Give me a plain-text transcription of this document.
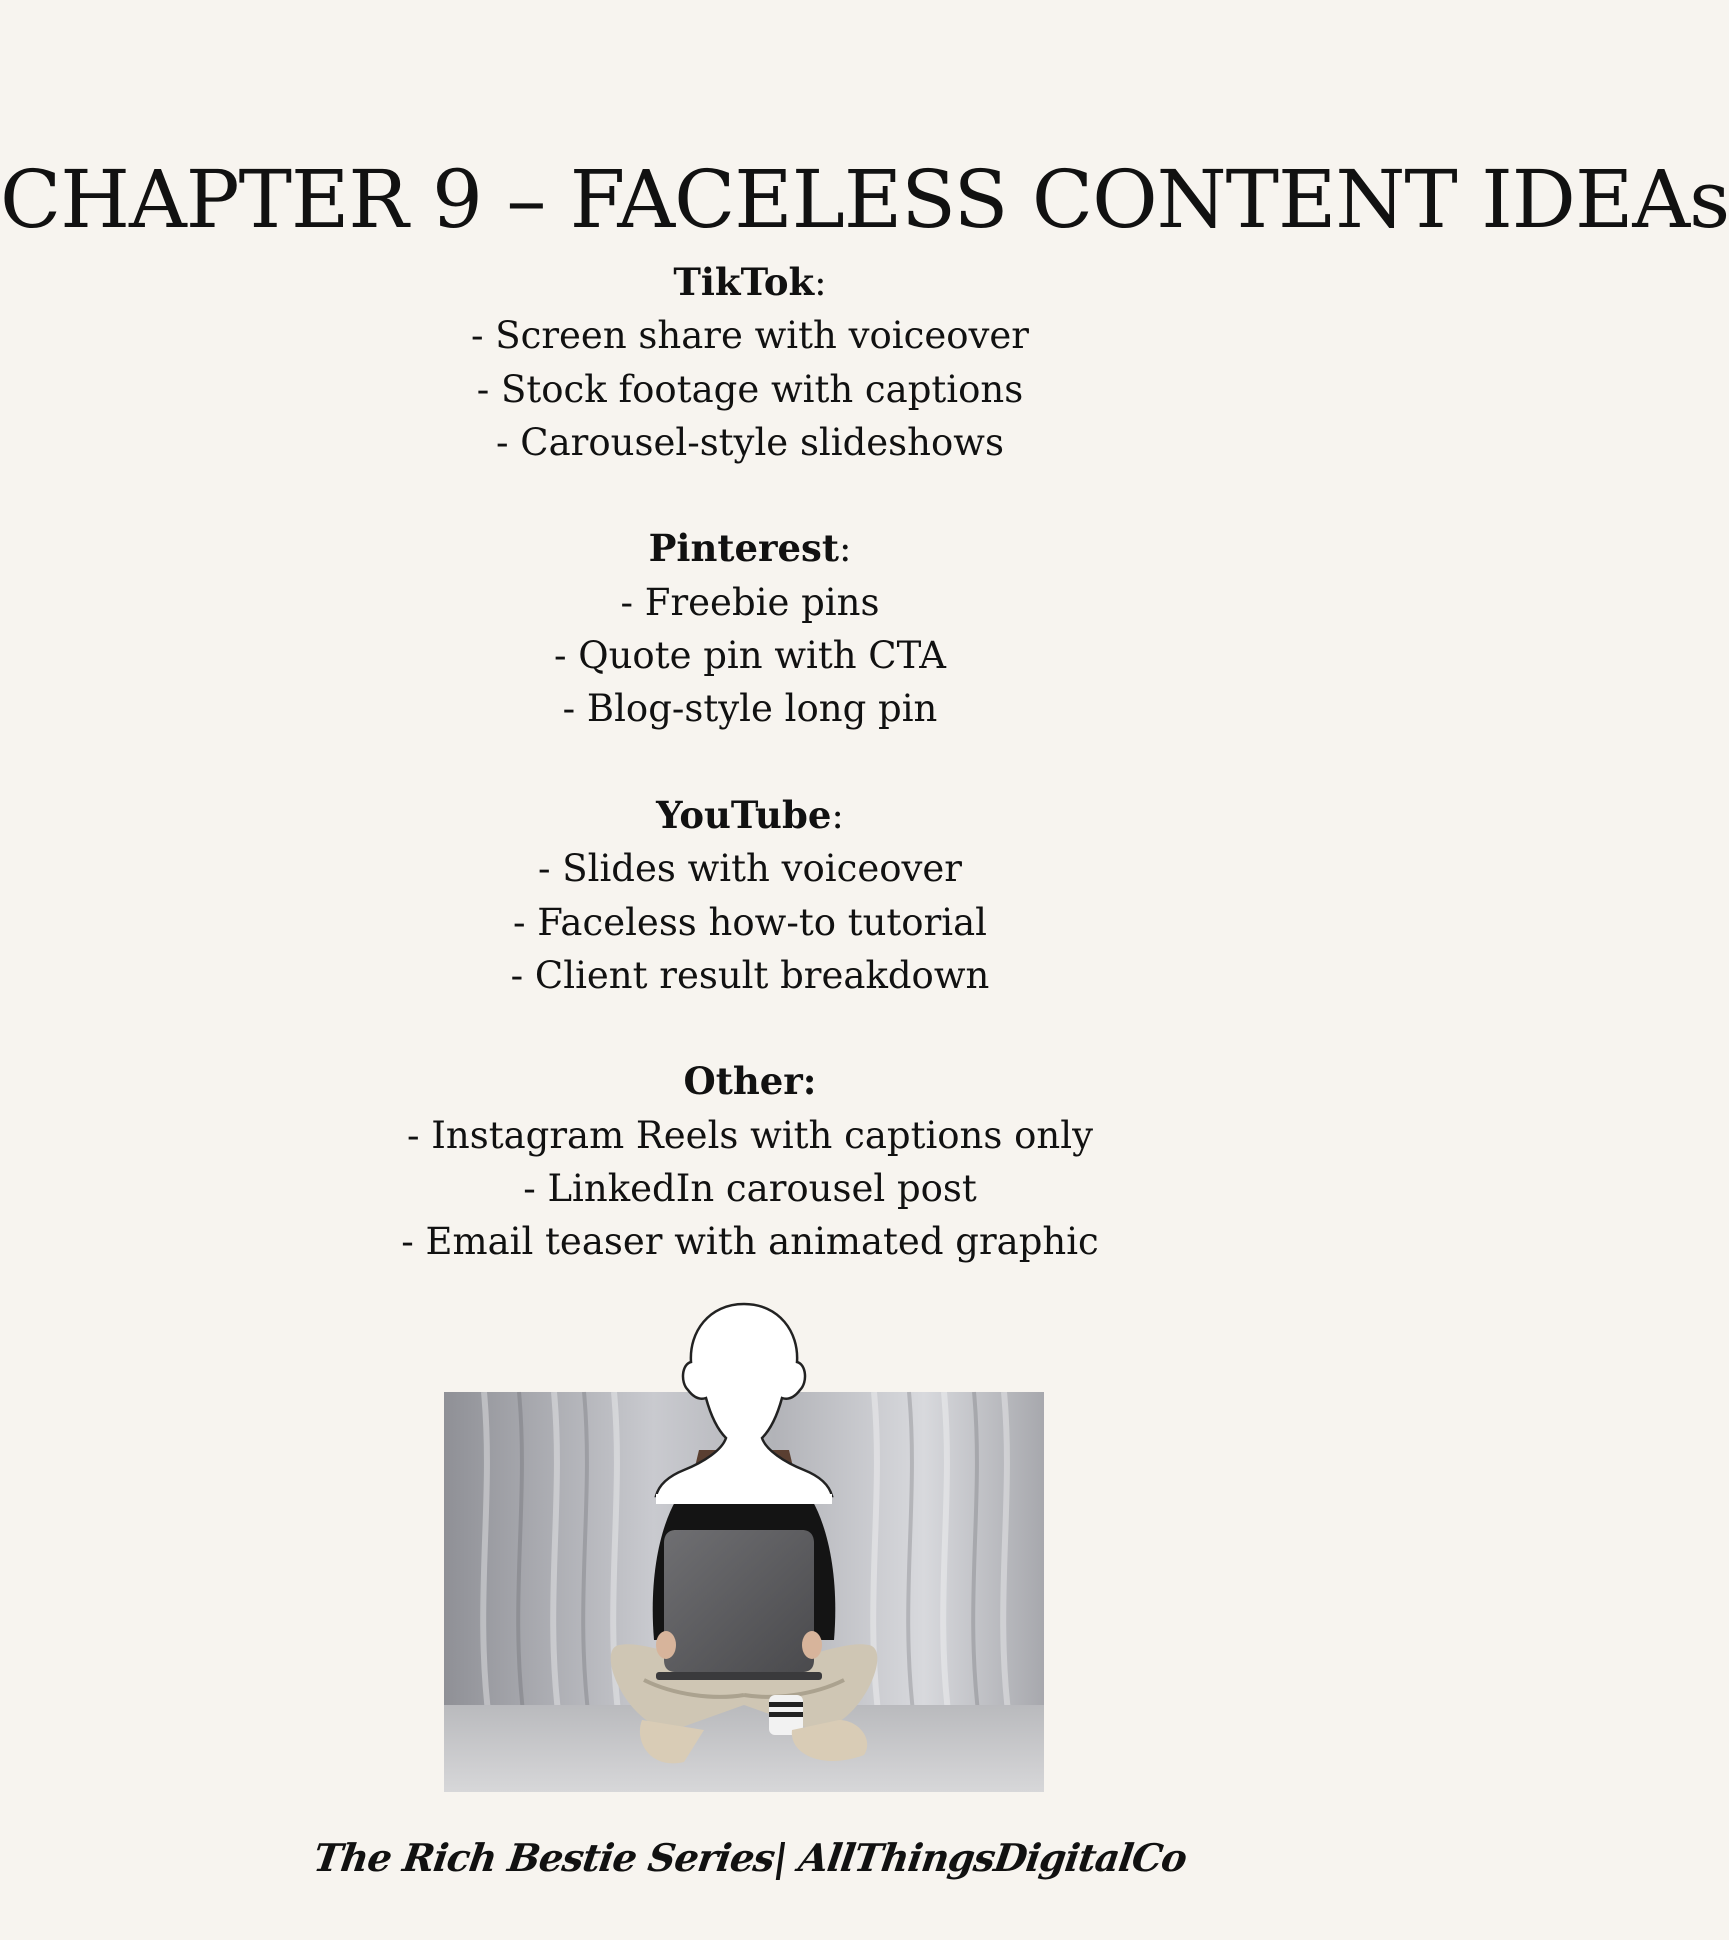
CHAPTER 9 – FACELESS CONTENT IDEAs
TikTok:
- Screen share with voiceover
- Stock footage with captions
- Carousel-style slideshows
Pinterest:
- Freebie pins
- Quote pin with CTA
- Blog-style long pin
YouTube:
- Slides with voiceover
- Faceless how-to tutorial
- Client result breakdown
Other:
- Instagram Reels with captions only
- LinkedIn carousel post
- Email teaser with animated graphic
The Rich Bestie Series| AllThingsDigitalCo
